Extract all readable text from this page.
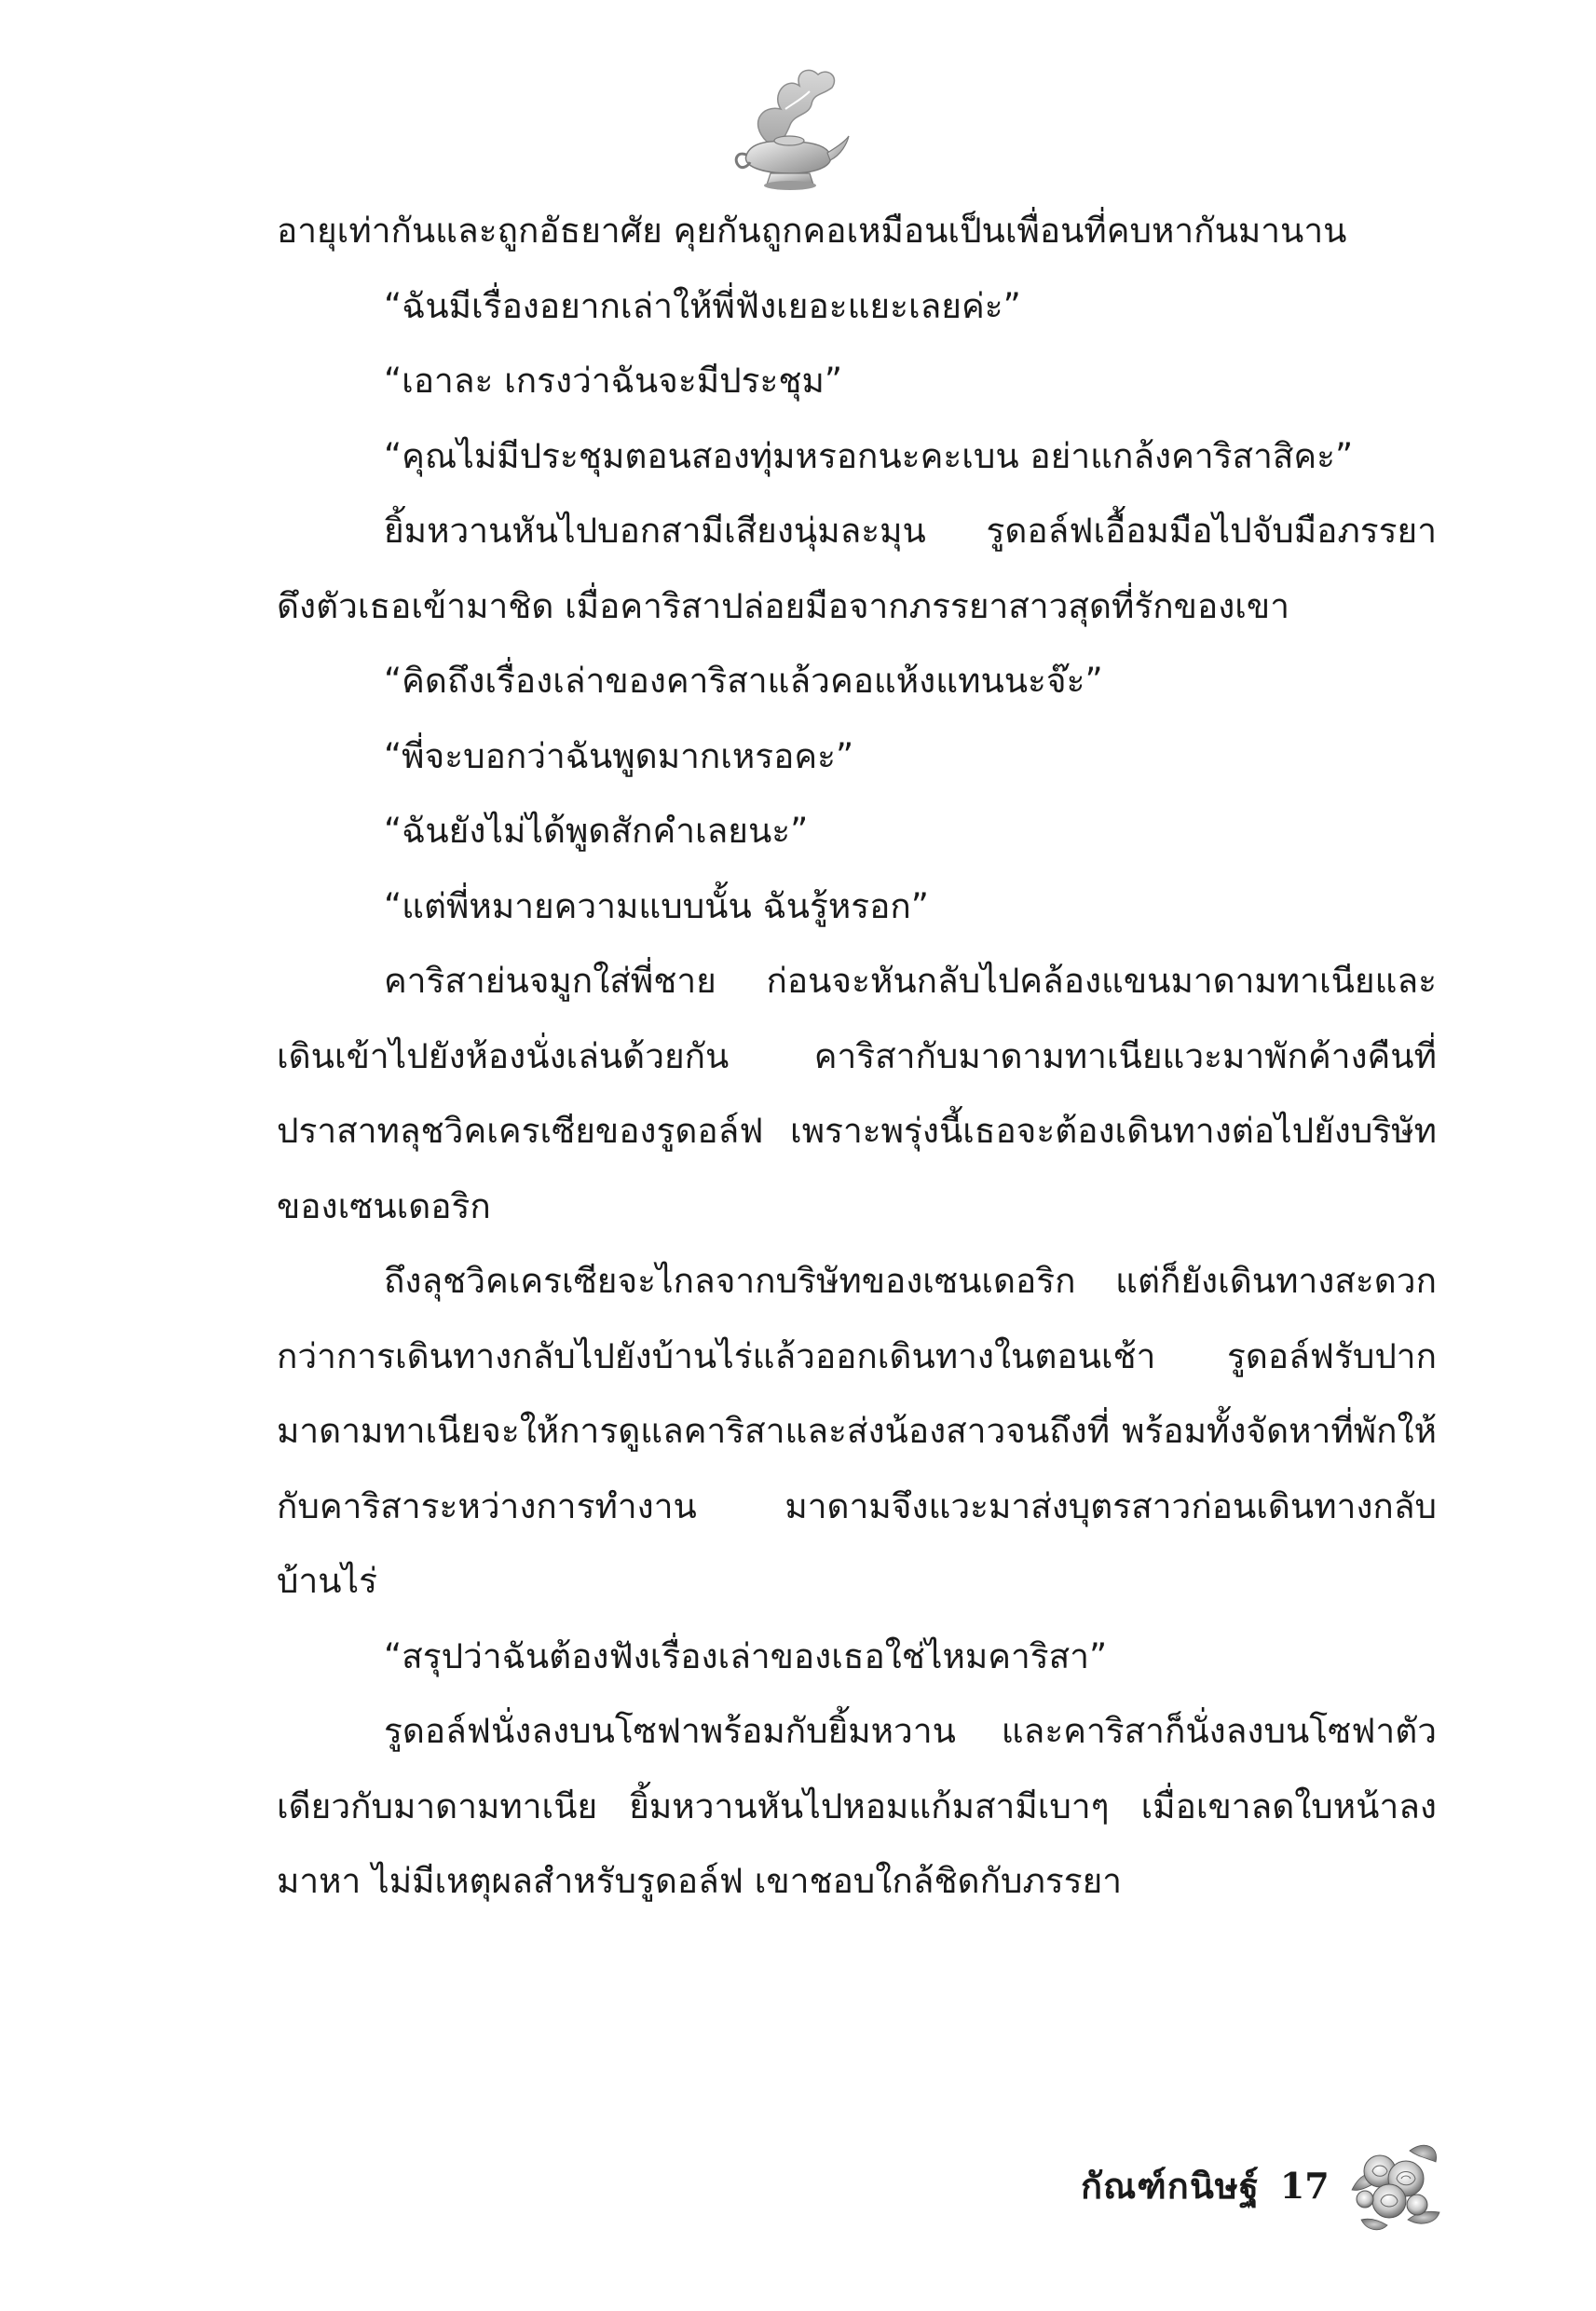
อายุเท่ากันและถูกอัธยาศัย คุยกันถูกคอเหมือนเป็นเพื่อนที่คบหากันมานาน

“ฉันมีเรื่องอยากเล่าให้พี่ฟังเยอะแยะเลยค่ะ”

“เอาละ เกรงว่าฉันจะมีประชุม”

“คุณไม่มีประชุมตอนสองทุ่มหรอกนะคะเบน อย่าแกล้งคาริสาสิคะ”

ยิ้มหวานหันไปบอกสามีเสียงนุ่มละมุน รูดอล์ฟเอื้อมมือไปจับมือภรรยา ดึงตัวเธอเข้ามาชิด เมื่อคาริสาปล่อยมือจากภรรยาสาวสุดที่รักของเขา

“คิดถึงเรื่องเล่าของคาริสาแล้วคอแห้งแทนนะจ๊ะ”

“พี่จะบอกว่าฉันพูดมากเหรอคะ”

“ฉันยังไม่ได้พูดสักคำเลยนะ”

“แต่พี่หมายความแบบนั้น ฉันรู้หรอก”

คาริสาย่นจมูกใส่พี่ชาย ก่อนจะหันกลับไปคล้องแขนมาดามทาเนียและเดินเข้าไปยังห้องนั่งเล่นด้วยกัน คาริสากับมาดามทาเนียแวะมาพักค้างคืนที่ปราสาทลุชวิคเครเซียของรูดอล์ฟ เพราะพรุ่งนี้เธอจะต้องเดินทางต่อไปยังบริษัทของเซนเดอริก

ถึงลุชวิคเครเซียจะไกลจากบริษัทของเซนเดอริก แต่ก็ยังเดินทางสะดวกกว่าการเดินทางกลับไปยังบ้านไร่แล้วออกเดินทางในตอนเช้า รูดอล์ฟรับปากมาดามทาเนียจะให้การดูแลคาริสาและส่งน้องสาวจนถึงที่ พร้อมทั้งจัดหาที่พักให้กับคาริสาระหว่างการทำงาน มาดามจึงแวะมาส่งบุตรสาวก่อนเดินทางกลับบ้านไร่

“สรุปว่าฉันต้องฟังเรื่องเล่าของเธอใช่ไหมคาริสา”

รูดอล์ฟนั่งลงบนโซฟาพร้อมกับยิ้มหวาน และคาริสาก็นั่งลงบนโซฟาตัวเดียวกับมาดามทาเนีย ยิ้มหวานหันไปหอมแก้มสามีเบาๆ เมื่อเขาลดใบหน้าลงมาหา ไม่มีเหตุผลสำหรับรูดอล์ฟ เขาชอบใกล้ชิดกับภรรยา

กัณฑ์กนิษฐ์ 17
